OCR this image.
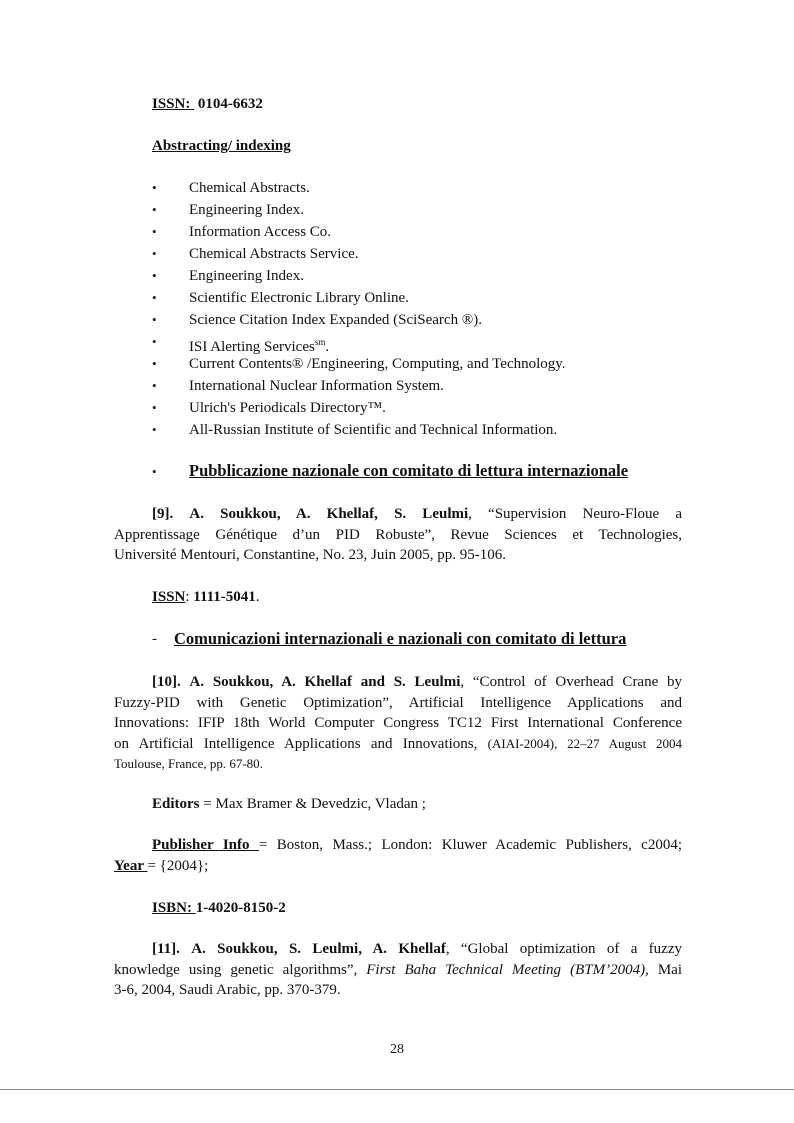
ISSN:  0104-6632
Abstracting/ indexing
• Chemical Abstracts.
• Engineering Index.
• Information Access Co.
• Chemical Abstracts Service.
• Engineering Index.
• Scientific Electronic Library Online.
• Science Citation Index Expanded (SciSearch ®).
• ISI Alerting Services$^{sm}$.
• Current Contents® /Engineering, Computing, and Technology.
• International Nuclear Information System.
• Ulrich's Periodicals Directory™.
• All-Russian Institute of Scientific and Technical Information.
• Pubblicazione nazionale con comitato di lettura internazionale
[9]. A. Soukkou, A. Khellaf, S. Leulmi, “Supervision Neuro-Floue a
Apprentissage Génétique d’un PID Robuste”, Revue Sciences et Technologies,
Université Mentouri, Constantine, No. 23, Juin 2005, pp. 95-106.
ISSN: 1111-5041.
- Comunicazioni internazionali e nazionali con comitato di lettura
[10]. A. Soukkou, A. Khellaf and S. Leulmi, “Control of Overhead Crane by
Fuzzy-PID with Genetic Optimization”, Artificial Intelligence Applications and
Innovations: IFIP 18th World Computer Congress TC12 First International Conference
on Artificial Intelligence Applications and Innovations, (AIAI-2004), 22–27 August 2004
Toulouse, France, pp. 67-80.
Editors = Max Bramer & Devedzic, Vladan ;
Publisher Info = Boston, Mass.; London: Kluwer Academic Publishers, c2004;
Year = {2004};
ISBN: 1-4020-8150-2
[11]. A. Soukkou, S. Leulmi, A. Khellaf, “Global optimization of a fuzzy
knowledge using genetic algorithms”, First Baha Technical Meeting (BTM’2004), Mai
3-6, 2004, Saudi Arabic, pp. 370-379.
28
